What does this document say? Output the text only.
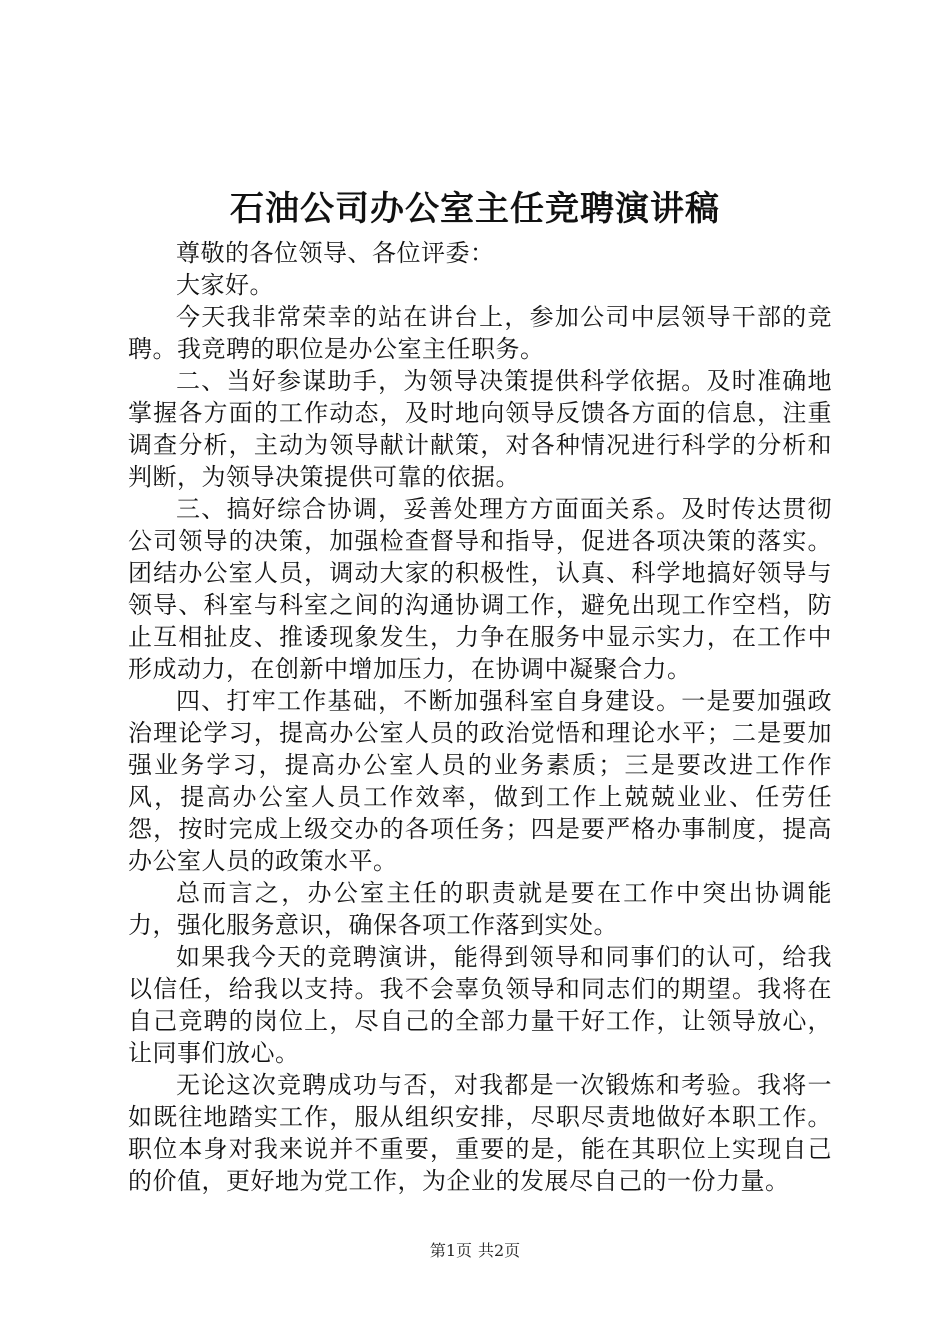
石油公司办公室主任竞聘演讲稿

尊敬的各位领导、各位评委：

大家好。

今天我非常荣幸的站在讲台上，参加公司中层领导干部的竞聘。我竞聘的职位是办公室主任职务。

二、当好参谋助手，为领导决策提供科学依据。及时准确地掌握各方面的工作动态，及时地向领导反馈各方面的信息，注重调查分析，主动为领导献计献策，对各种情况进行科学的分析和判断，为领导决策提供可靠的依据。

三、搞好综合协调，妥善处理方方面面关系。及时传达贯彻公司领导的决策，加强检查督导和指导，促进各项决策的落实。团结办公室人员，调动大家的积极性，认真、科学地搞好领导与领导、科室与科室之间的沟通协调工作，避免出现工作空档，防止互相扯皮、推诿现象发生，力争在服务中显示实力，在工作中形成动力，在创新中增加压力，在协调中凝聚合力。

四、打牢工作基础，不断加强科室自身建设。一是要加强政治理论学习，提高办公室人员的政治觉悟和理论水平；二是要加强业务学习，提高办公室人员的业务素质；三是要改进工作作风，提高办公室人员工作效率，做到工作上兢兢业业、任劳任怨，按时完成上级交办的各项任务；四是要严格办事制度，提高办公室人员的政策水平。

总而言之，办公室主任的职责就是要在工作中突出协调能力，强化服务意识，确保各项工作落到实处。

如果我今天的竞聘演讲，能得到领导和同事们的认可，给我以信任，给我以支持。我不会辜负领导和同志们的期望。我将在自己竞聘的岗位上，尽自己的全部力量干好工作，让领导放心，让同事们放心。

无论这次竞聘成功与否，对我都是一次锻炼和考验。我将一如既往地踏实工作，服从组织安排，尽职尽责地做好本职工作。职位本身对我来说并不重要，重要的是，能在其职位上实现自己的价值，更好地为党工作，为企业的发展尽自己的一份力量。

第1页 共2页
